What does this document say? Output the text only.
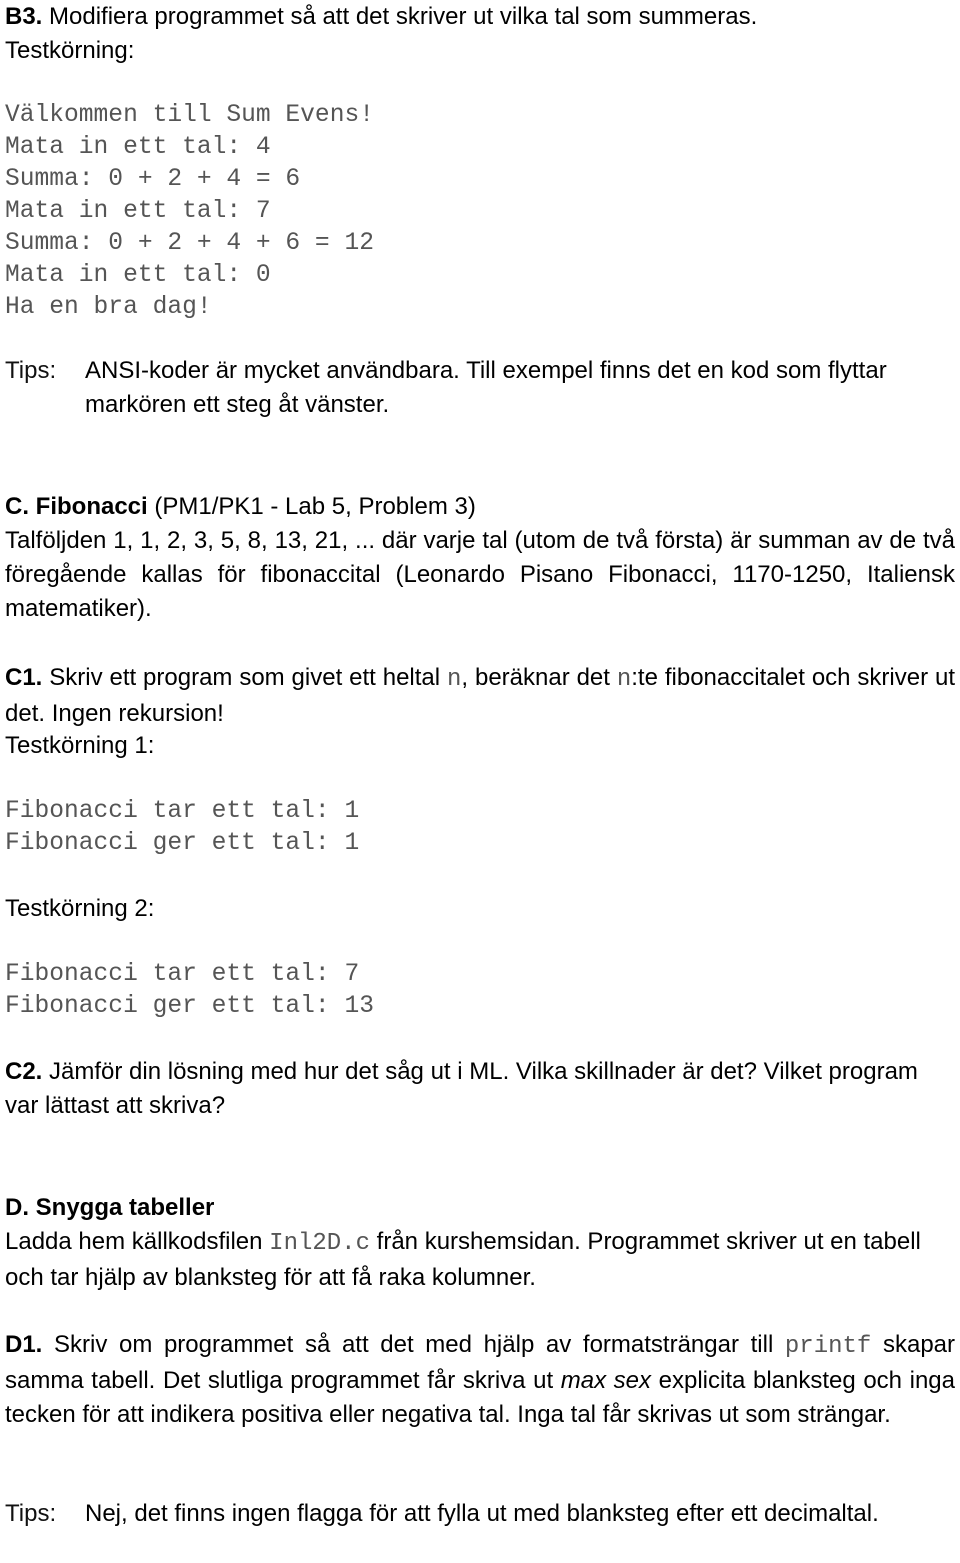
B3. Modifiera programmet så att det skriver ut vilka tal som summeras.

Testkörning:

Välkommen till Sum Evens!
Mata in ett tal: 4
Summa: 0 + 2 + 4 = 6
Mata in ett tal: 7
Summa: 0 + 2 + 4 + 6 = 12
Mata in ett tal: 0
Ha en bra dag!
Tips: ANSI-koder är mycket användbara. Till exempel finns det en kod som flyttar markören ett steg åt vänster.

C. Fibonacci (PM1/PK1 - Lab 5, Problem 3)

Talföljden 1, 1, 2, 3, 5, 8, 13, 21, ... där varje tal (utom de två första) är summan av de två föregående kallas för fibonaccital (Leonardo Pisano Fibonacci, 1170-1250, Italiensk matematiker).

C1. Skriv ett program som givet ett heltal n, beräknar det n:te fibonaccitalet och skriver ut det. Ingen rekursion!

Testkörning 1:

Fibonacci tar ett tal: 1
Fibonacci ger ett tal: 1

Testkörning 2:

Fibonacci tar ett tal: 7
Fibonacci ger ett tal: 13

C2. Jämför din lösning med hur det såg ut i ML. Vilka skillnader är det? Vilket program var lättast att skriva?

D. Snygga tabeller

Ladda hem källkodsfilen Inl2D.c från kurshemsidan. Programmet skriver ut en tabell och tar hjälp av blanksteg för att få raka kolumner.

D1. Skriv om programmet så att det med hjälp av formatsträngar till printf skapar samma tabell. Det slutliga programmet får skriva ut max sex explicita blanksteg och inga tecken för att indikera positiva eller negativa tal. Inga tal får skrivas ut som strängar.

Tips: Nej, det finns ingen flagga för att fylla ut med blanksteg efter ett decimaltal.
